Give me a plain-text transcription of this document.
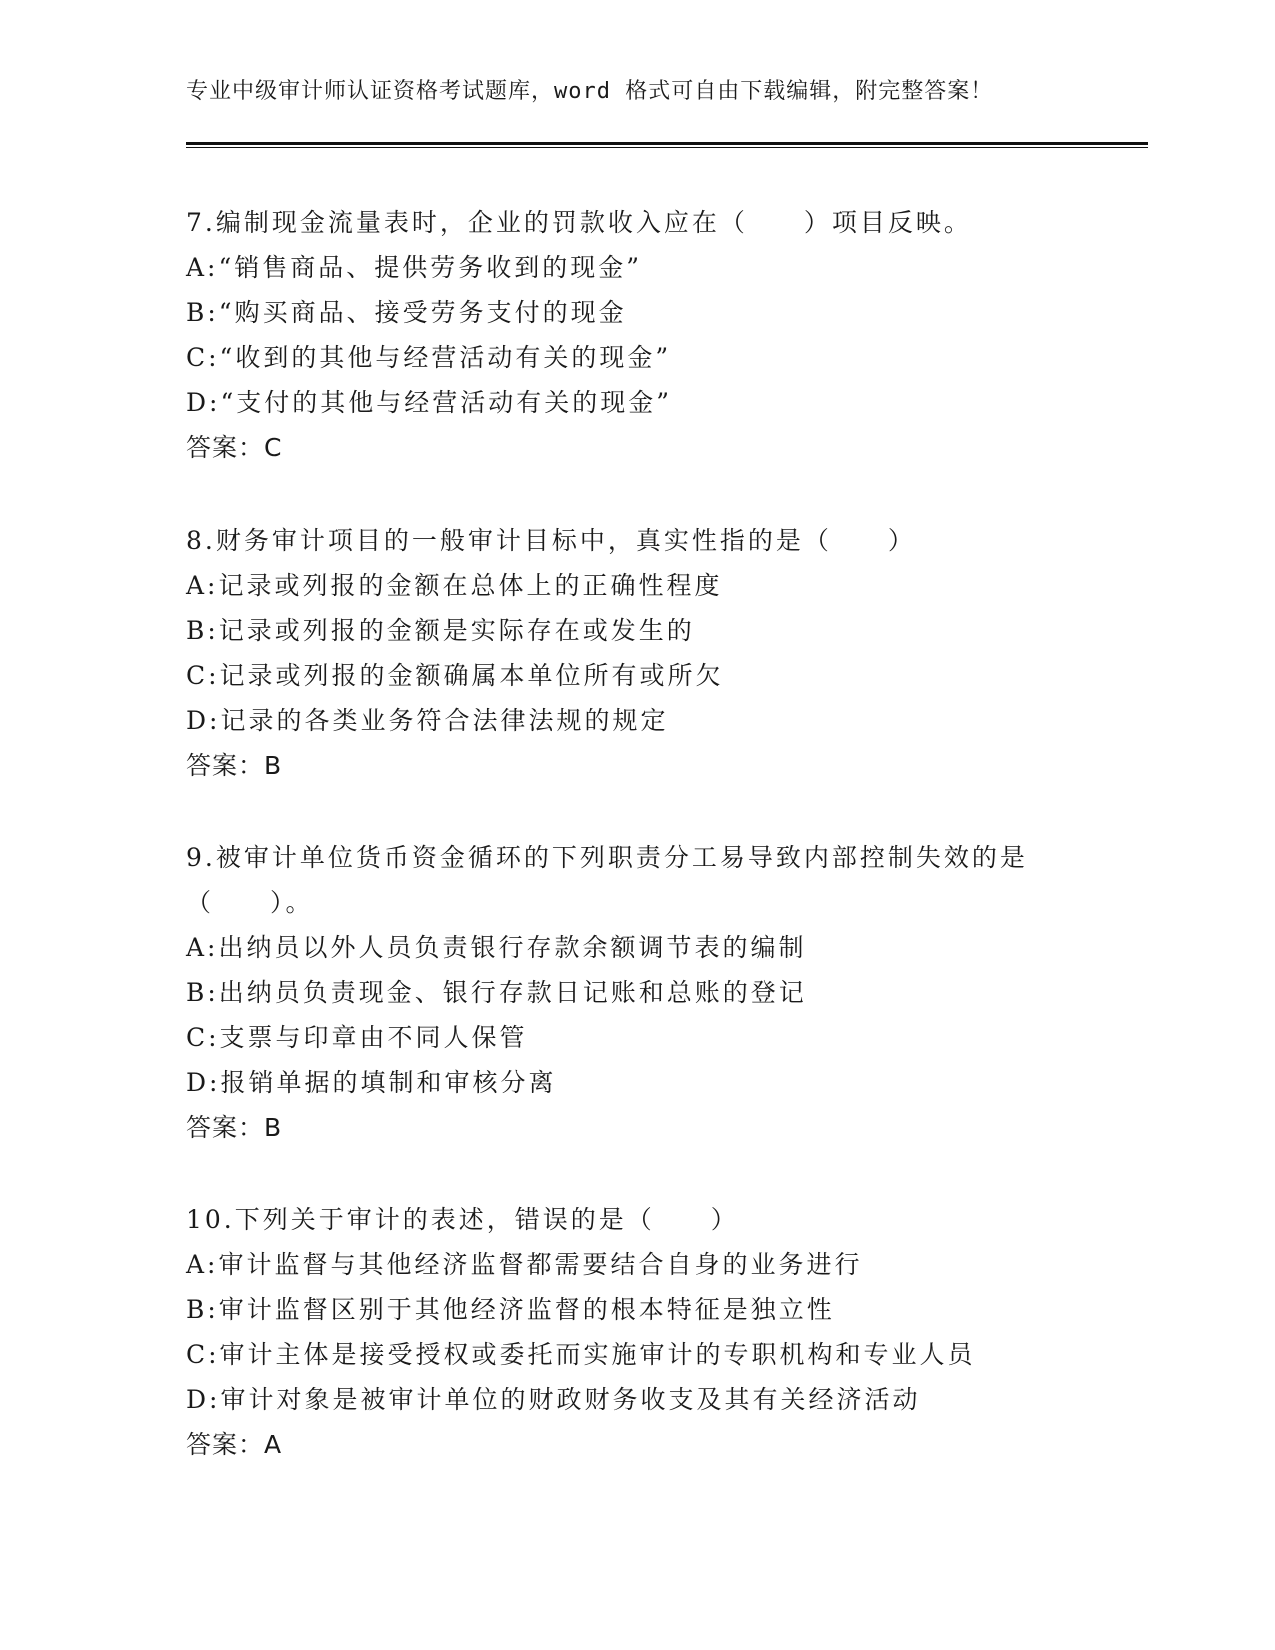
专业中级审计师认证资格考试题库，word 格式可自由下载编辑，附完整答案！

7.编制现金流量表时，企业的罚款收入应在（　　）项目反映。

A:“销售商品、提供劳务收到的现金”

B:“购买商品、接受劳务支付的现金

C:“收到的其他与经营活动有关的现金”

D:“支付的其他与经营活动有关的现金”

答案：C

8.财务审计项目的一般审计目标中，真实性指的是（　　）

A:记录或列报的金额在总体上的正确性程度

B:记录或列报的金额是实际存在或发生的

C:记录或列报的金额确属本单位所有或所欠

D:记录的各类业务符合法律法规的规定

答案：B

9.被审计单位货币资金循环的下列职责分工易导致内部控制失效的是（　　）。

A:出纳员以外人员负责银行存款余额调节表的编制

B:出纳员负责现金、银行存款日记账和总账的登记

C:支票与印章由不同人保管

D:报销单据的填制和审核分离

答案：B

10.下列关于审计的表述，错误的是（　　）

A:审计监督与其他经济监督都需要结合自身的业务进行

B:审计监督区别于其他经济监督的根本特征是独立性

C:审计主体是接受授权或委托而实施审计的专职机构和专业人员

D:审计对象是被审计单位的财政财务收支及其有关经济活动

答案：A
